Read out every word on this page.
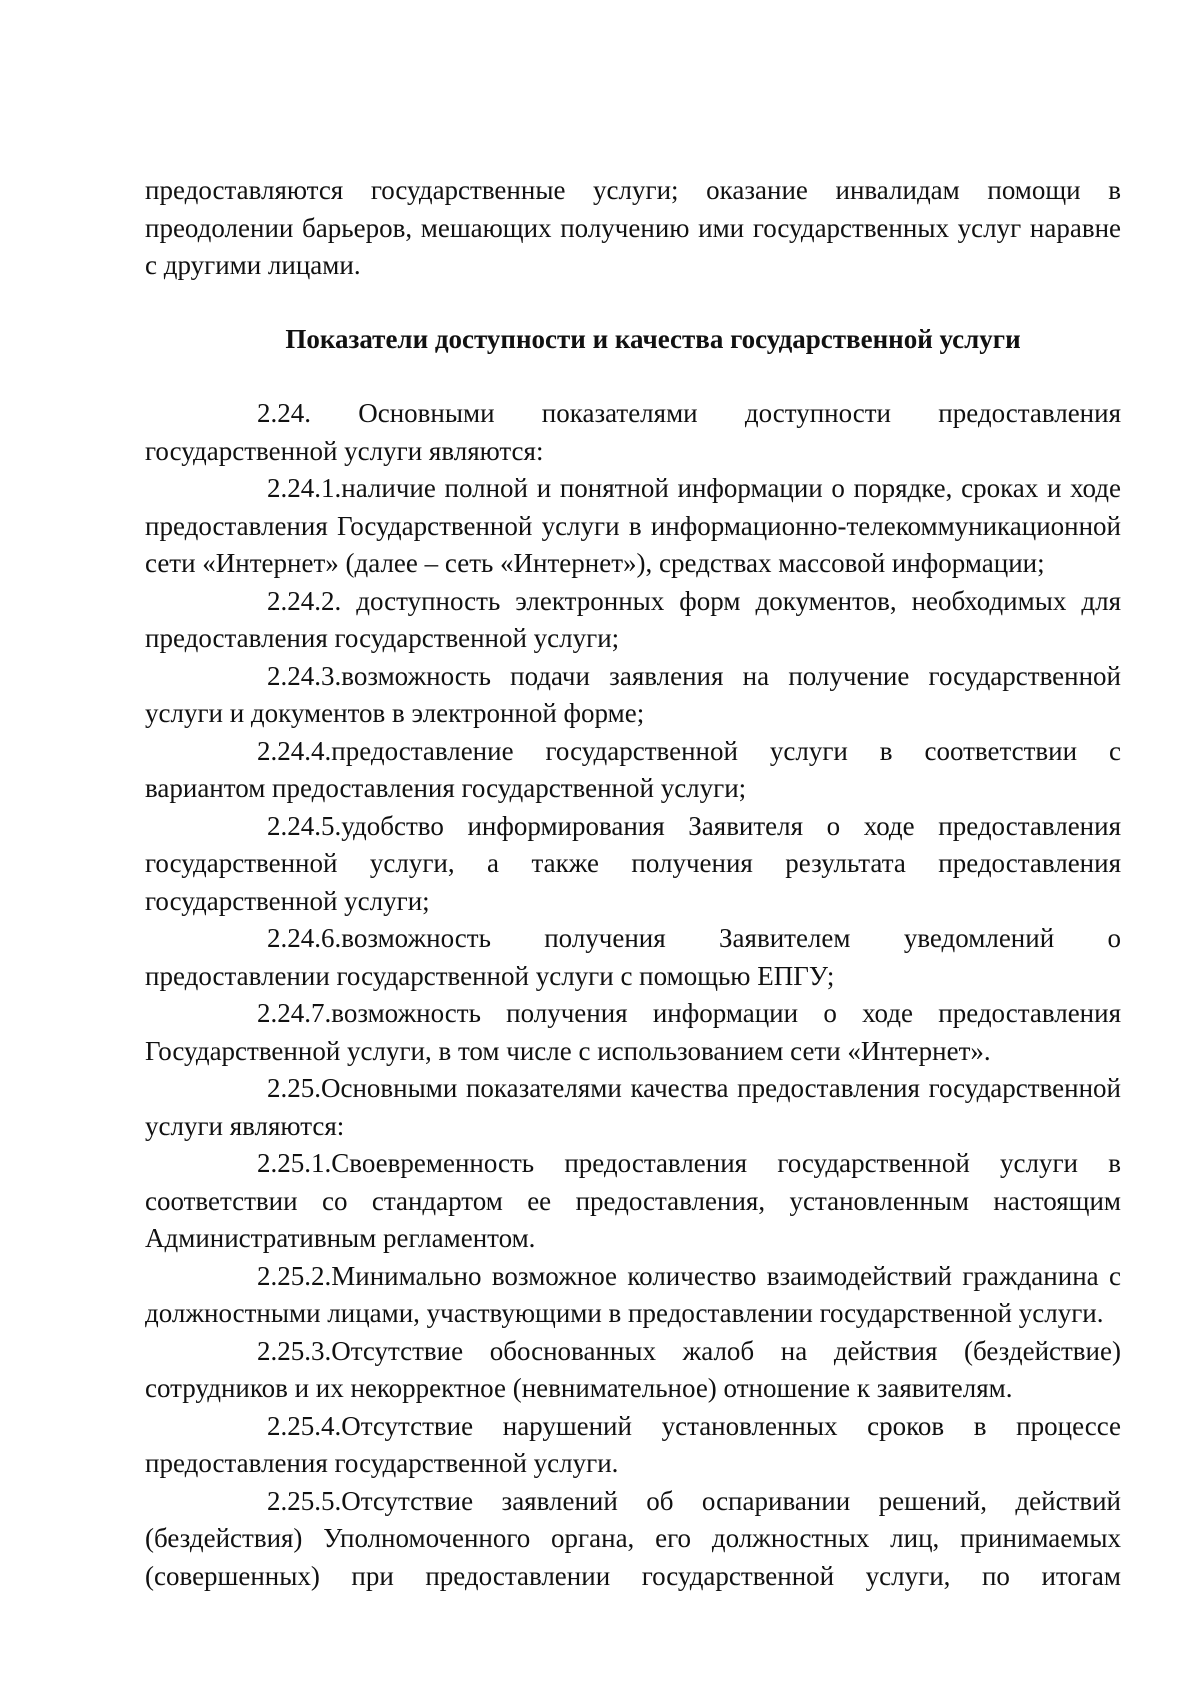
предоставляются государственные услуги; оказание инвалидам помощи в преодолении барьеров, мешающих получению ими государственных услуг наравне с другими лицами.

Показатели доступности и качества государственной услуги

2.24. Основными показателями доступности предоставления государственной услуги являются:

2.24.1.наличие полной и понятной информации о порядке, сроках и ходе предоставления Государственной услуги в информационно-телекоммуникационной сети «Интернет» (далее – сеть «Интернет»), средствах массовой информации;

2.24.2. доступность электронных форм документов, необходимых для предоставления государственной услуги;

2.24.3.возможность подачи заявления на получение государственной услуги и документов в электронной форме;

2.24.4.предоставление государственной услуги в соответствии с вариантом предоставления государственной услуги;

2.24.5.удобство информирования Заявителя о ходе предоставления государственной услуги, а также получения результата предоставления государственной услуги;

2.24.6.возможность получения Заявителем уведомлений о предоставлении государственной услуги с помощью ЕПГУ;

2.24.7.возможность получения информации о ходе предоставления Государственной услуги, в том числе с использованием сети «Интернет».

2.25.Основными показателями качества предоставления государственной услуги являются:

2.25.1.Своевременность предоставления государственной услуги в соответствии со стандартом ее предоставления, установленным настоящим Административным регламентом.

2.25.2.Минимально возможное количество взаимодействий гражданина с должностными лицами, участвующими в предоставлении государственной услуги.

2.25.3.Отсутствие обоснованных жалоб на действия (бездействие) сотрудников и их некорректное (невнимательное) отношение к заявителям.

2.25.4.Отсутствие нарушений установленных сроков в процессе предоставления государственной услуги.

2.25.5.Отсутствие заявлений об оспаривании решений, действий (бездействия) Уполномоченного органа, его должностных лиц, принимаемых (совершенных) при предоставлении государственной услуги, по итогам
